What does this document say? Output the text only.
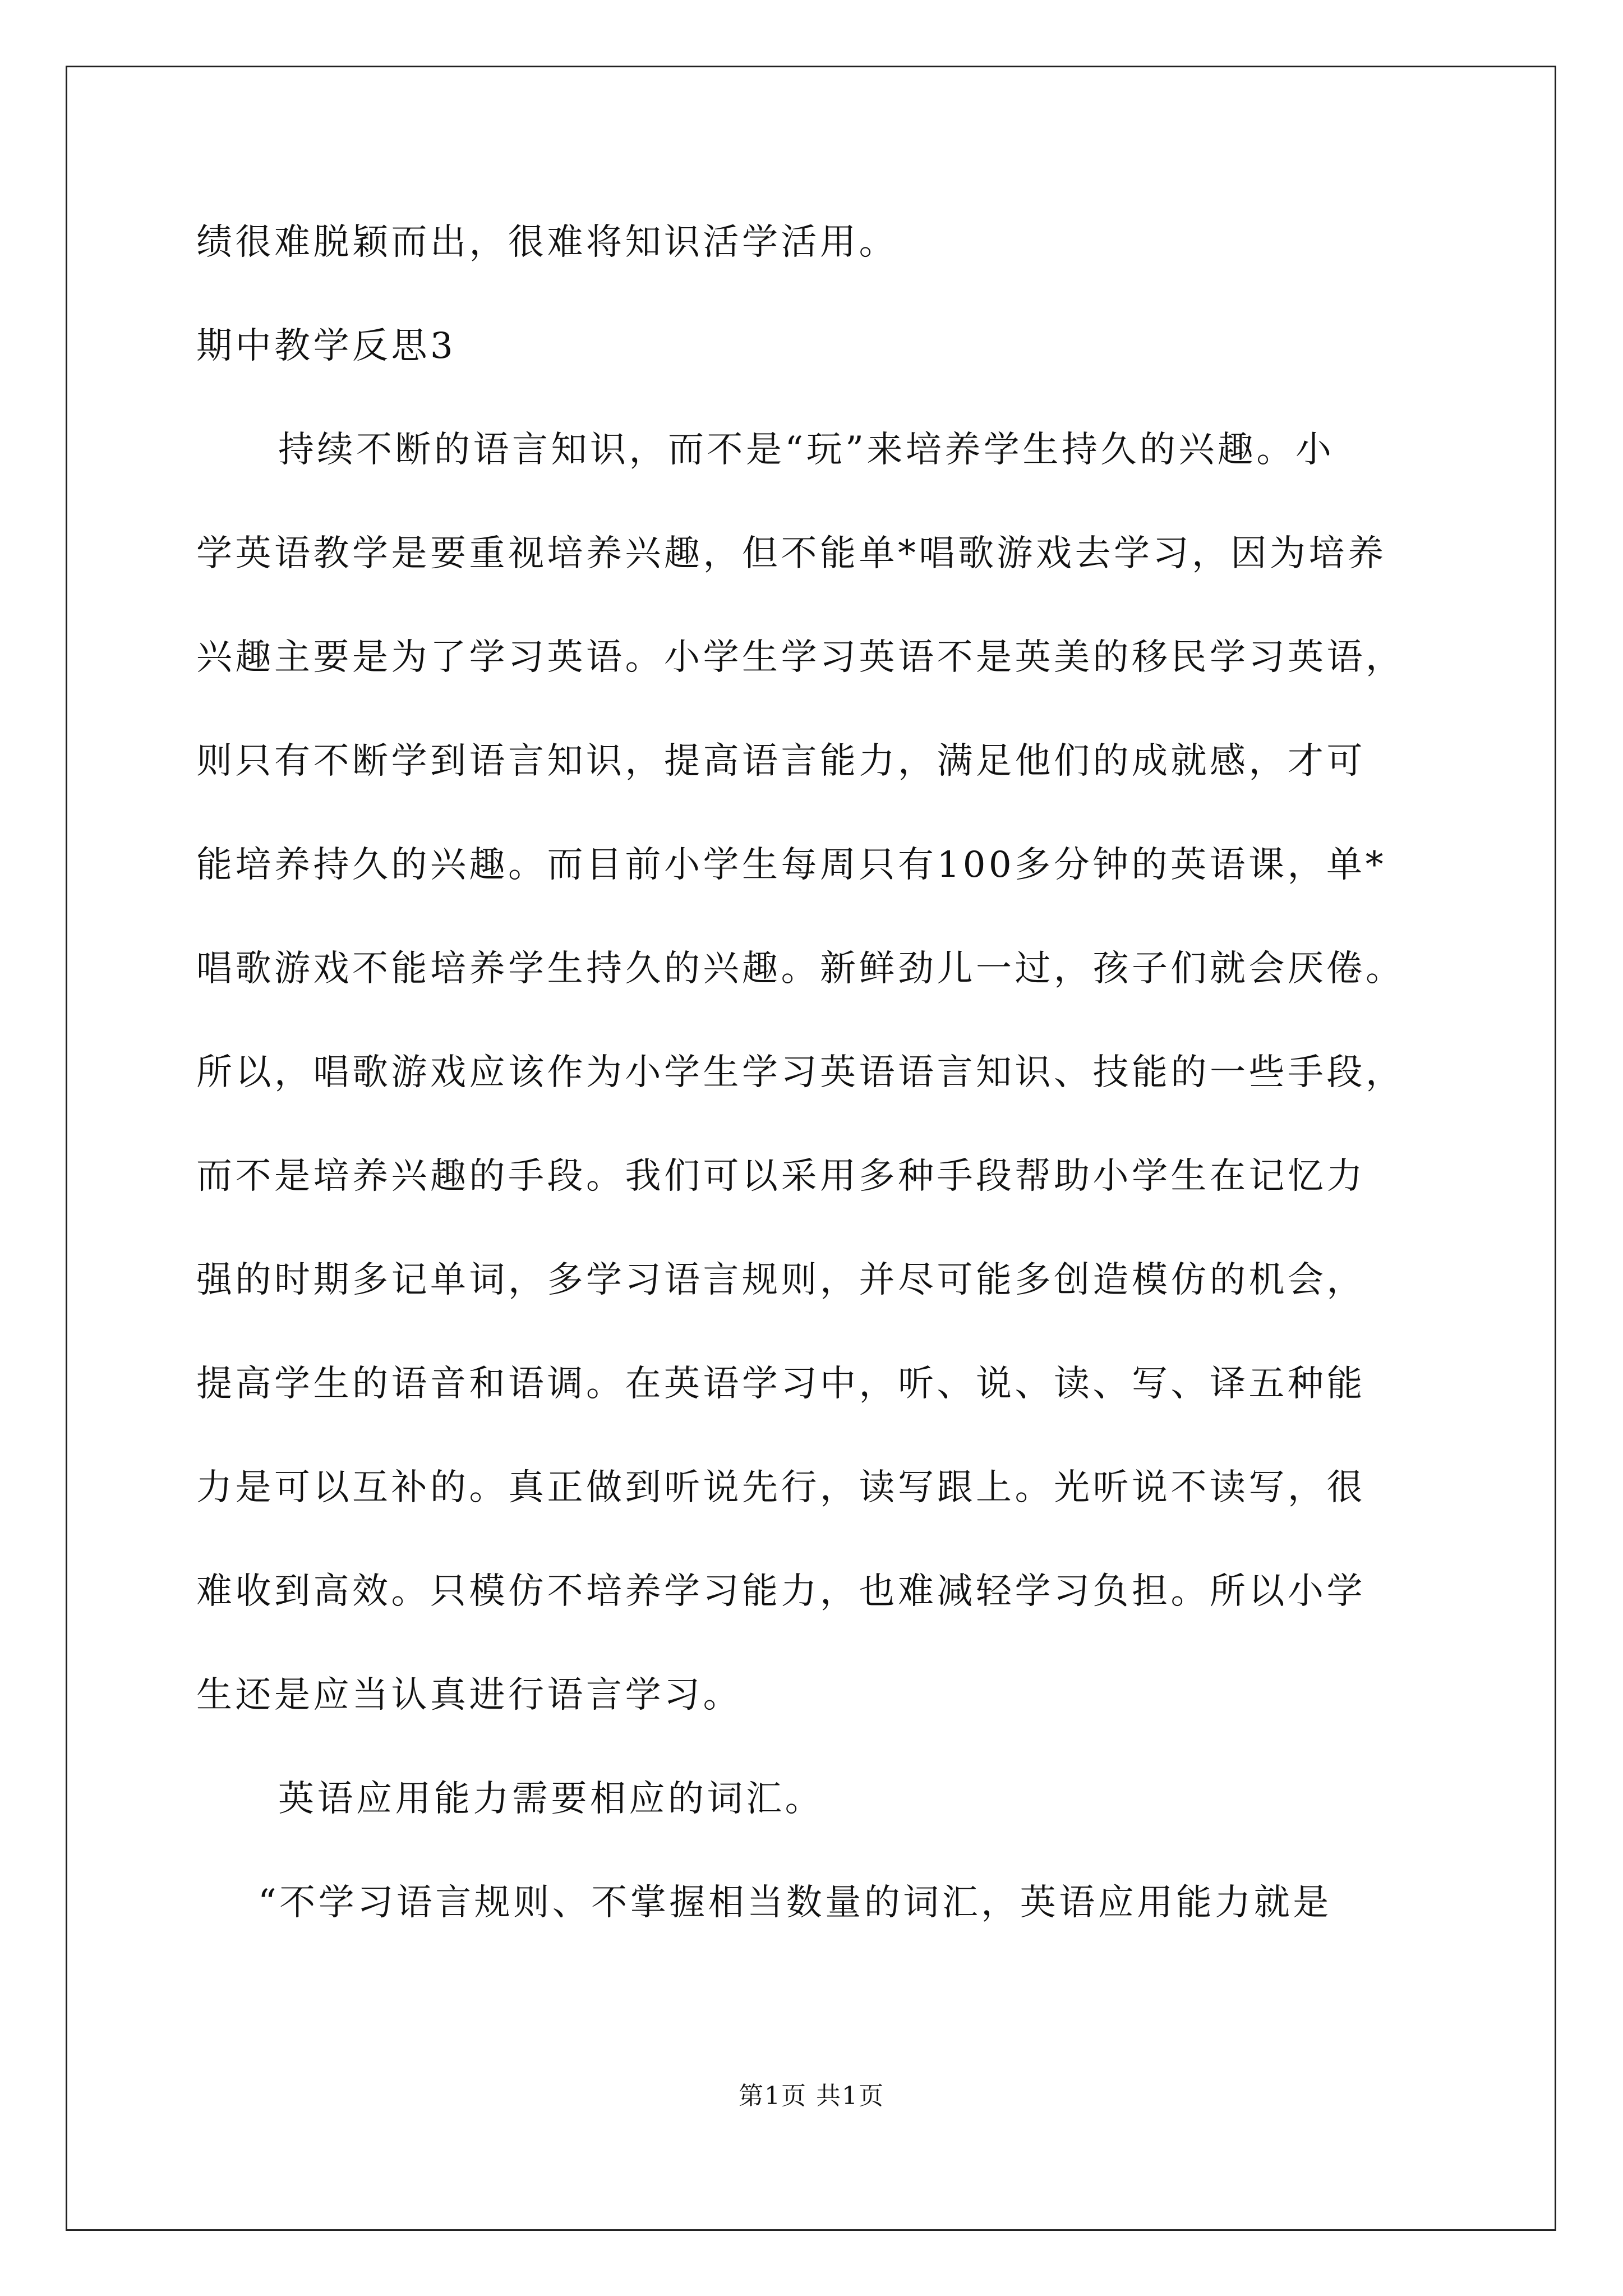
绩很难脱颖而出，很难将知识活学活用。
期中教学反思3
持续不断的语言知识，而不是“玩”来培养学生持久的兴趣。小
学英语教学是要重视培养兴趣，但不能单*唱歌游戏去学习，因为培养
兴趣主要是为了学习英语。小学生学习英语不是英美的移民学习英语，
则只有不断学到语言知识，提高语言能力，满足他们的成就感，才可
能培养持久的兴趣。而目前小学生每周只有100多分钟的英语课，单*
唱歌游戏不能培养学生持久的兴趣。新鲜劲儿一过，孩子们就会厌倦。
所以，唱歌游戏应该作为小学生学习英语语言知识、技能的一些手段，
而不是培养兴趣的手段。我们可以采用多种手段帮助小学生在记忆力
强的时期多记单词，多学习语言规则，并尽可能多创造模仿的机会，
提高学生的语音和语调。在英语学习中，听、说、读、写、译五种能
力是可以互补的。真正做到听说先行，读写跟上。光听说不读写，很
难收到高效。只模仿不培养学习能力，也难减轻学习负担。所以小学
生还是应当认真进行语言学习。
英语应用能力需要相应的词汇。
“不学习语言规则、不掌握相当数量的词汇，英语应用能力就是
第1页 共1页
